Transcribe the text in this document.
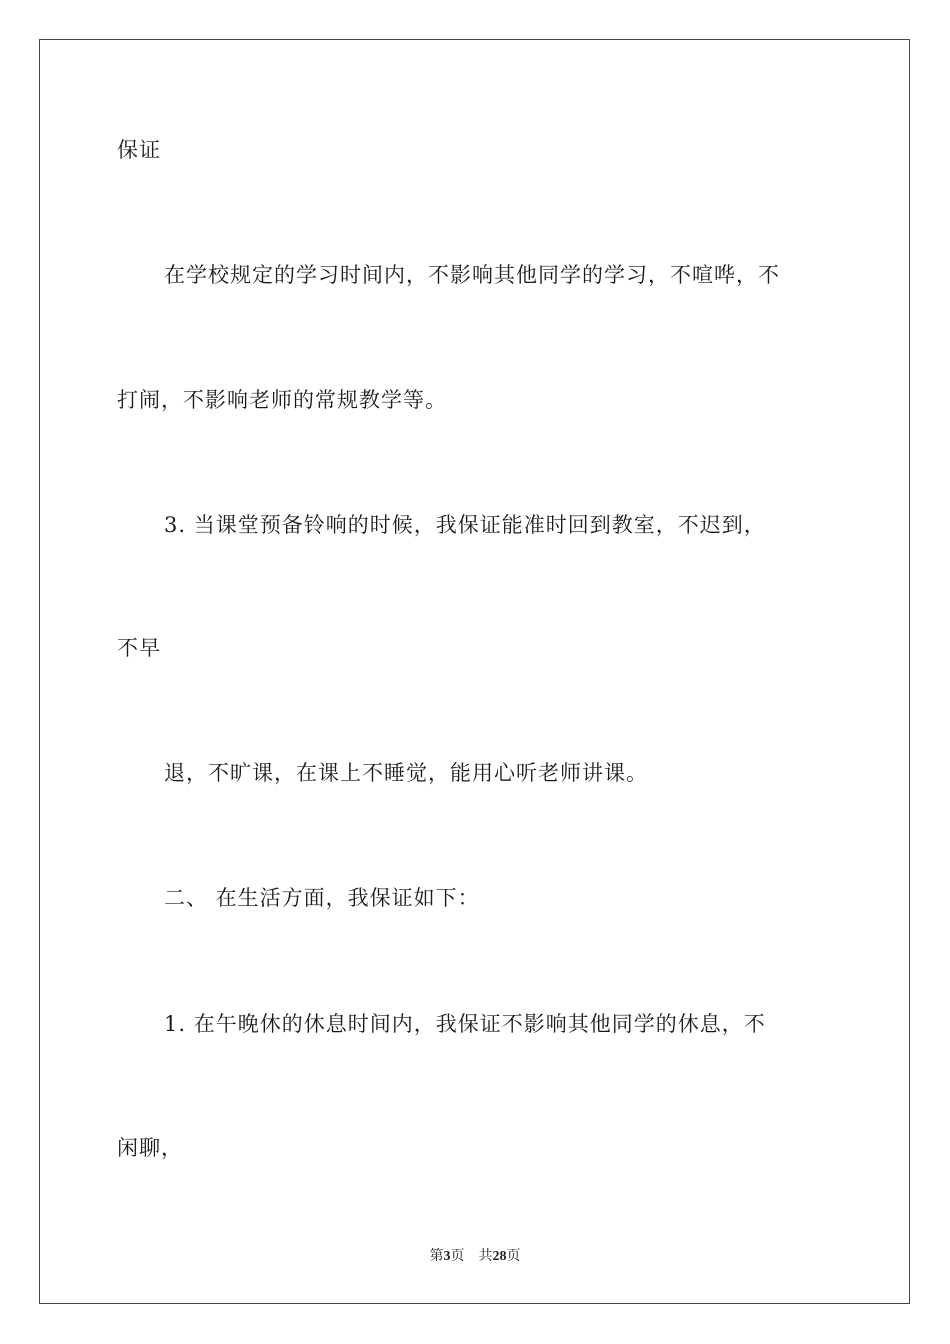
保证
在学校规定的学习时间内，不影响其他同学的学习，不喧哗，不
打闹，不影响老师的常规教学等。
3. 当课堂预备铃响的时候，我保证能准时回到教室，不迟到，
不早
退，不旷课，在课上不睡觉，能用心听老师讲课。
二、 在生活方面，我保证如下：
1. 在午晚休的休息时间内，我保证不影响其他同学的休息，不
闲聊，
第3页 共28页
